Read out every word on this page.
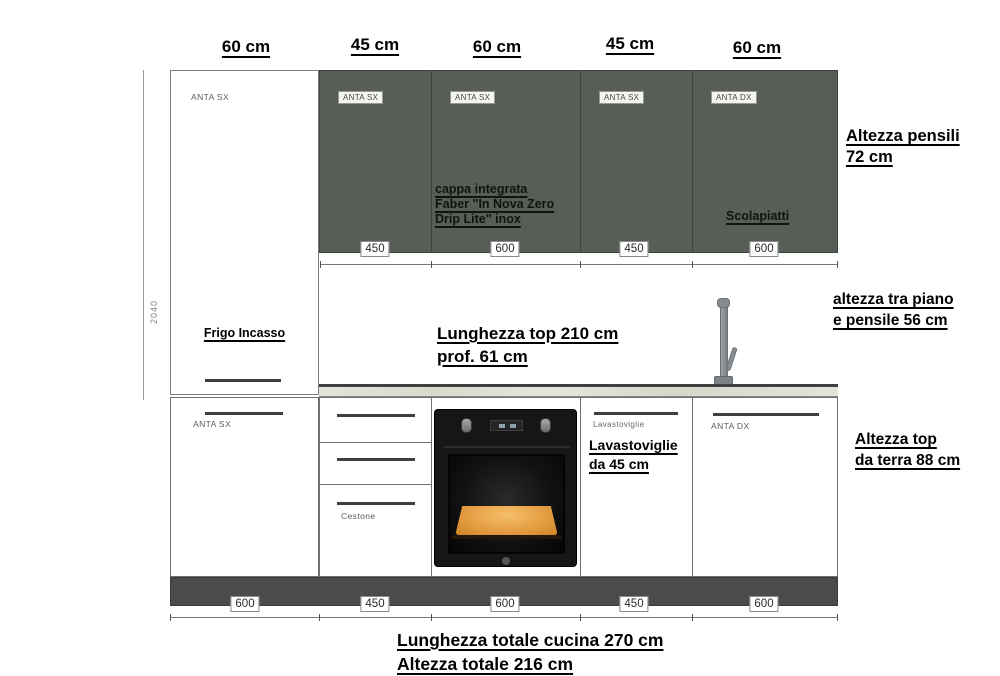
60 cm	45 cm	60 cm	45 cm	60 cm
2040
ANTA SX
Frigo Incasso
ANTA SX	ANTA SX	ANTA SX	ANTA DX
cappa integrata
Faber "In Nova Zero
Drip Lite" inox	Scolapiatti
450	600	450	600
Lunghezza top 210 cm
prof. 61 cm
ANTA SX
Cestone
Lavastoviglie
Lavastoviglie
da 45 cm
ANTA DX
600	450	600	450	600
Altezza pensili
72 cm
altezza tra piano
e pensile 56 cm
Altezza top
da terra 88 cm
Lunghezza totale cucina 270 cm
Altezza totale 216 cm
